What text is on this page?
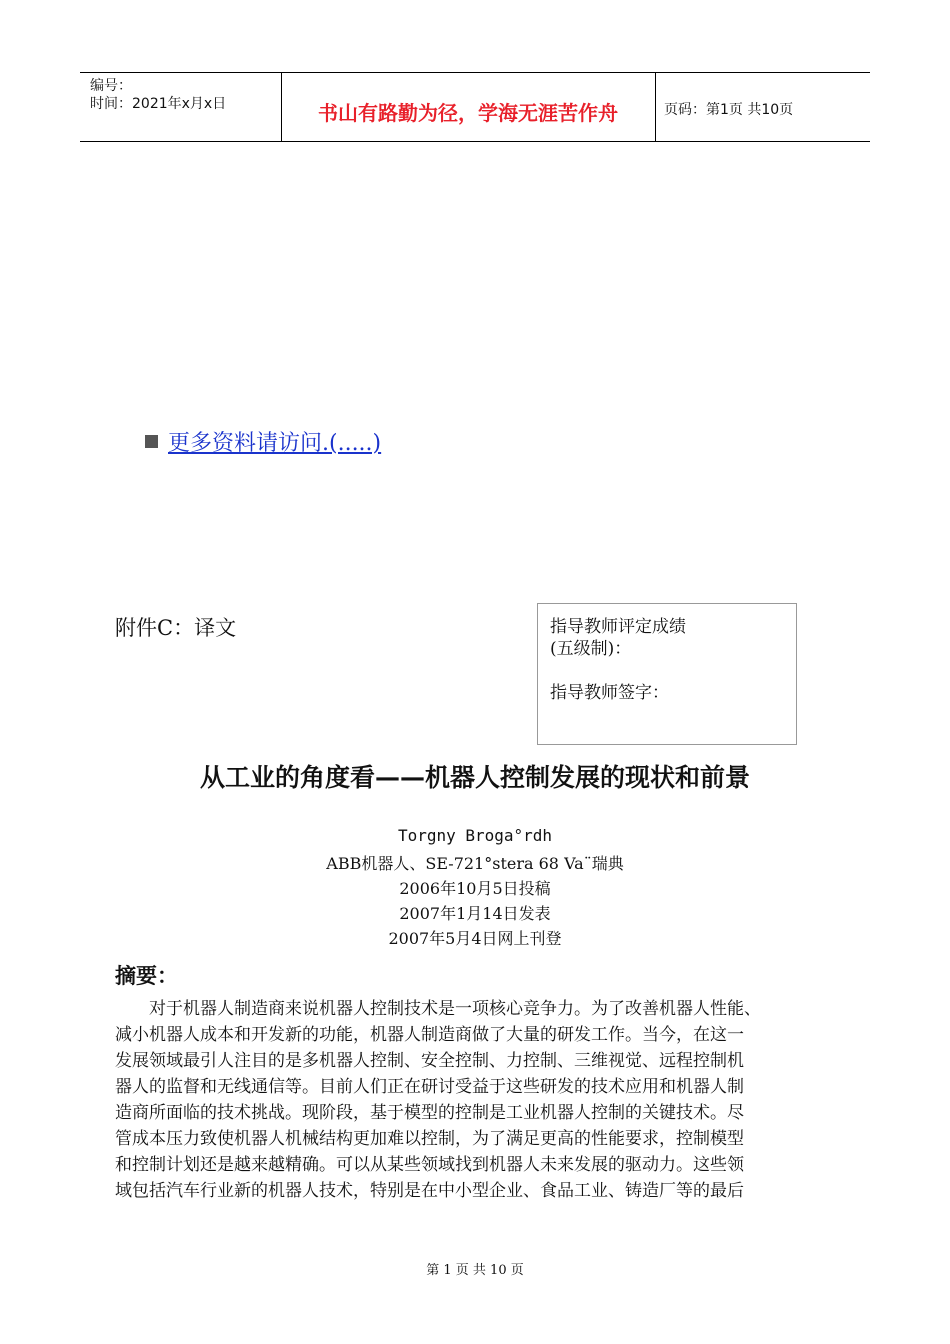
编号：
时间：2021年x月x日	书山有路勤为径，学海无涯苦作舟	页码：第1页 共10页
更多资料请访问.(.....)
附件C：译文	指导教师评定成绩
(五级制)：
指导教师签字：
从工业的角度看——机器人控制发展的现状和前景
Torgny Broga°rdh
ABB机器人、SE-721°stera 68 Va¨瑞典
2006年10月5日投稿
2007年1月14日发表
2007年5月4日网上刊登
摘要：
对于机器人制造商来说机器人控制技术是一项核心竞争力。为了改善机器人性能、
减小机器人成本和开发新的功能，机器人制造商做了大量的研发工作。当今，在这一
发展领域最引人注目的是多机器人控制、安全控制、力控制、三维视觉、远程控制机
器人的监督和无线通信等。目前人们正在研讨受益于这些研发的技术应用和机器人制
造商所面临的技术挑战。现阶段，基于模型的控制是工业机器人控制的关键技术。尽
管成本压力致使机器人机械结构更加难以控制，为了满足更高的性能要求，控制模型
和控制计划还是越来越精确。可以从某些领域找到机器人未来发展的驱动力。这些领
域包括汽车行业新的机器人技术，特别是在中小型企业、食品工业、铸造厂等的最后
第 1 页 共 10 页
